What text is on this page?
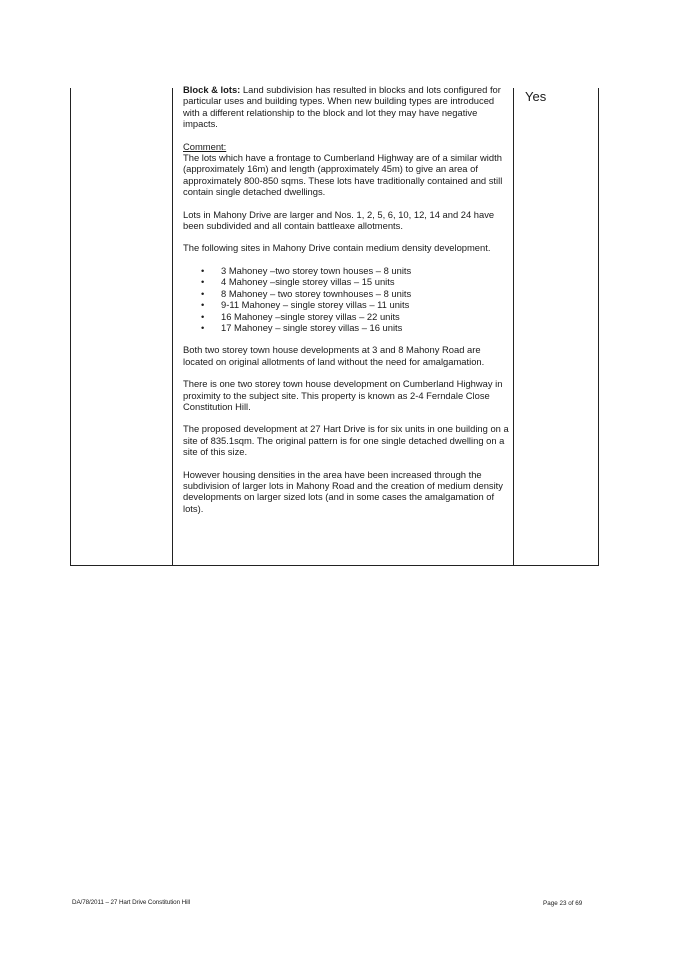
Block & lots: Land subdivision has resulted in blocks and lots configured for particular uses and building types. When new building types are introduced with a different relationship to the block and lot they may have negative impacts.

Comment:
The lots which have a frontage to Cumberland Highway are of a similar width (approximately 16m) and length (approximately 45m) to give an area of approximately 800-850 sqms. These lots have traditionally contained and still contain single detached dwellings.

Lots in Mahony Drive are larger and Nos. 1, 2, 5, 6, 10, 12, 14 and 24 have been subdivided and all contain battleaxe allotments.

The following sites in Mahony Drive contain medium density development.

• 3 Mahoney –two storey town houses – 8 units
• 4 Mahoney –single storey villas – 15 units
• 8 Mahoney – two storey townhouses – 8 units
• 9-11 Mahoney – single storey villas – 11 units
• 16 Mahoney –single storey villas – 22 units
• 17 Mahoney – single storey villas – 16 units

Both two storey town house developments at 3 and 8 Mahony Road are located on original allotments of land without the need for amalgamation.

There is one two storey town house development on Cumberland Highway in proximity to the subject site. This property is known as 2-4 Ferndale Close Constitution Hill.

The proposed development at 27 Hart Drive is for six units in one building on a site of 835.1sqm. The original pattern is for one single detached dwelling on a site of this size.

However housing densities in the area have been increased through the subdivision of larger lots in Mahony Road and the creation of medium density developments on larger sized lots (and in some cases the amalgamation of lots).

Yes
DA/78/2011 – 27 Hart Drive Constitution Hill	Page 23 of 69
